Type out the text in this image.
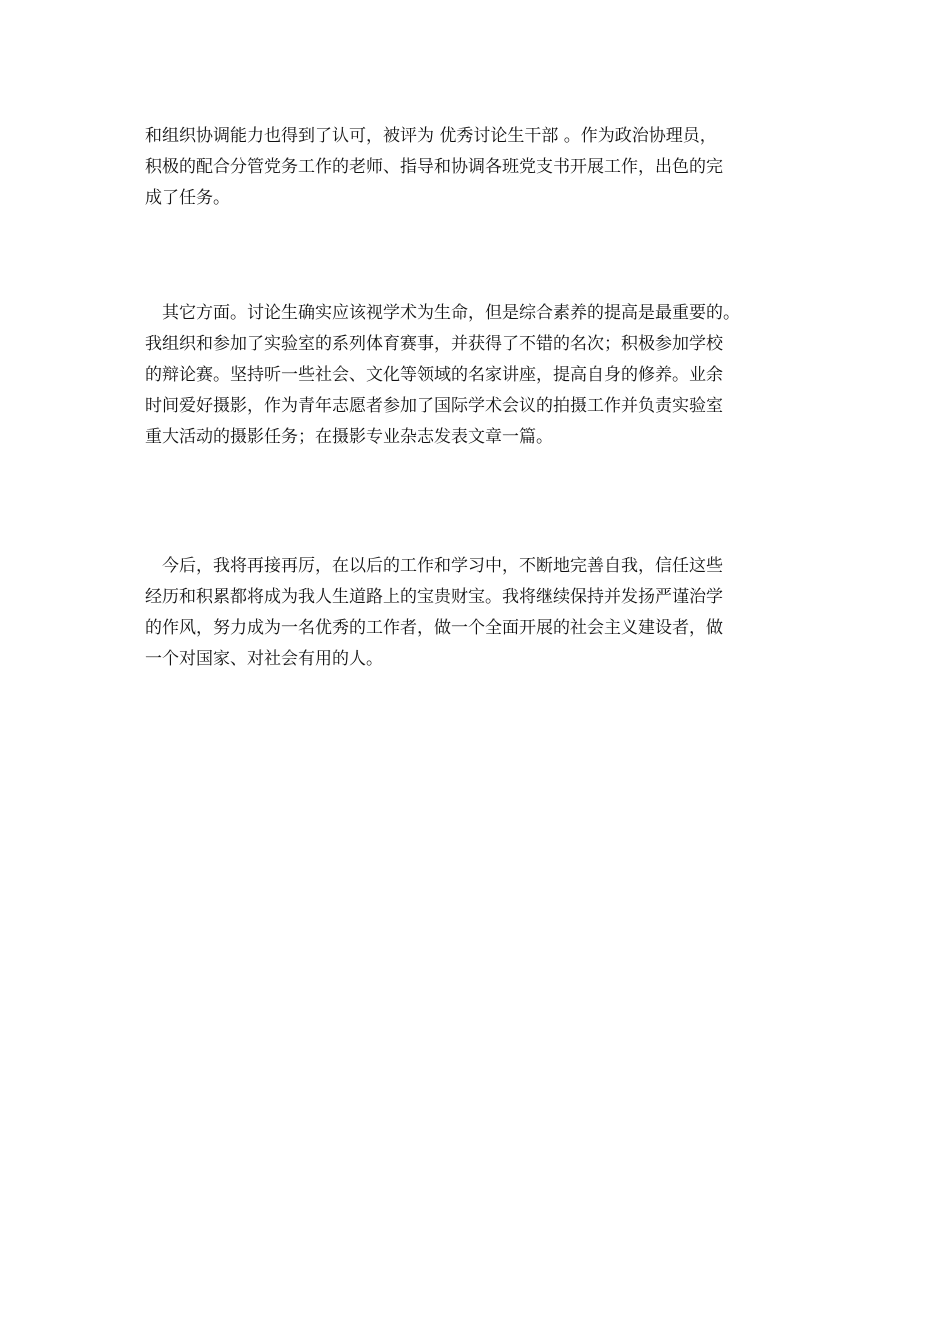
和组织协调能力也得到了认可，被评为 优秀讨论生干部 。作为政治协理员，
积极的配合分管党务工作的老师、指导和协调各班党支书开展工作，出色的完
成了任务。
　其它方面。讨论生确实应该视学术为生命，但是综合素养的提高是最重要的。
我组织和参加了实验室的系列体育赛事，并获得了不错的名次；积极参加学校
的辩论赛。坚持听一些社会、文化等领域的名家讲座，提高自身的修养。业余
时间爱好摄影，作为青年志愿者参加了国际学术会议的拍摄工作并负责实验室
重大活动的摄影任务；在摄影专业杂志发表文章一篇。
　今后，我将再接再厉，在以后的工作和学习中，不断地完善自我，信任这些
经历和积累都将成为我人生道路上的宝贵财宝。我将继续保持并发扬严谨治学
的作风，努力成为一名优秀的工作者，做一个全面开展的社会主义建设者，做
一个对国家、对社会有用的人。
